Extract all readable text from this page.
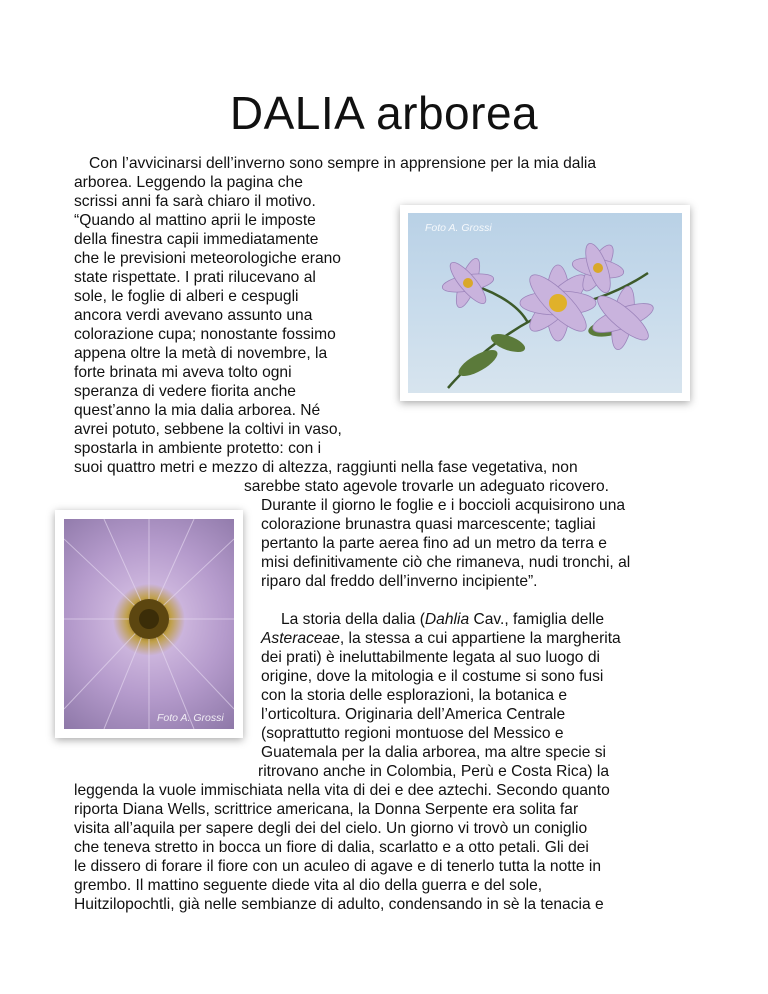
DALIA arborea
Foto A. Grossi
Foto A. Grossi
Con l’avvicinarsi dell’inverno sono sempre in apprensione per la mia dalia
arborea. Leggendo la pagina che
scrissi anni fa sarà chiaro il motivo.
“Quando al mattino aprii le imposte
della finestra capii immediatamente
che le previsioni meteorologiche erano
state rispettate. I prati rilucevano al
sole, le foglie di alberi e cespugli
ancora verdi avevano assunto una
colorazione cupa; nonostante fossimo
appena oltre la metà di novembre, la
forte brinata mi aveva tolto ogni
speranza di vedere fiorita anche
quest’anno la mia dalia arborea. Né
avrei potuto, sebbene la coltivi in vaso,
spostarla in ambiente protetto: con i
suoi quattro metri e mezzo di altezza, raggiunti nella fase vegetativa, non
sarebbe stato agevole trovarle un adeguato ricovero.
Durante il giorno le foglie e i boccioli acquisirono una
colorazione brunastra quasi marcescente; tagliai
pertanto la parte aerea fino ad un metro da terra e
misi definitivamente ciò che rimaneva, nudi tronchi, al
riparo dal freddo dell’inverno incipiente”.
La storia della dalia (Dahlia Cav., famiglia delle
Asteraceae, la stessa a cui appartiene la margherita
dei prati) è ineluttabilmente legata al suo luogo di
origine, dove la mitologia e il costume si sono fusi
con la storia delle esplorazioni, la botanica e
l’orticoltura. Originaria dell’America Centrale
(soprattutto regioni montuose del Messico e
Guatemala per la dalia arborea, ma altre specie si
ritrovano anche in Colombia, Perù e Costa Rica) la
leggenda la vuole immischiata nella vita di dei e dee aztechi. Secondo quanto
riporta Diana Wells, scrittrice americana, la Donna Serpente era solita far
visita all’aquila per sapere degli dei del cielo. Un giorno vi trovò un coniglio
che teneva stretto in bocca un fiore di dalia, scarlatto e a otto petali. Gli dei
le dissero di forare il fiore con un aculeo di agave e di tenerlo tutta la notte in
grembo. Il mattino seguente diede vita al dio della guerra e del sole,
Huitzilopochtli, già nelle sembianze di adulto, condensando in sè la tenacia e
